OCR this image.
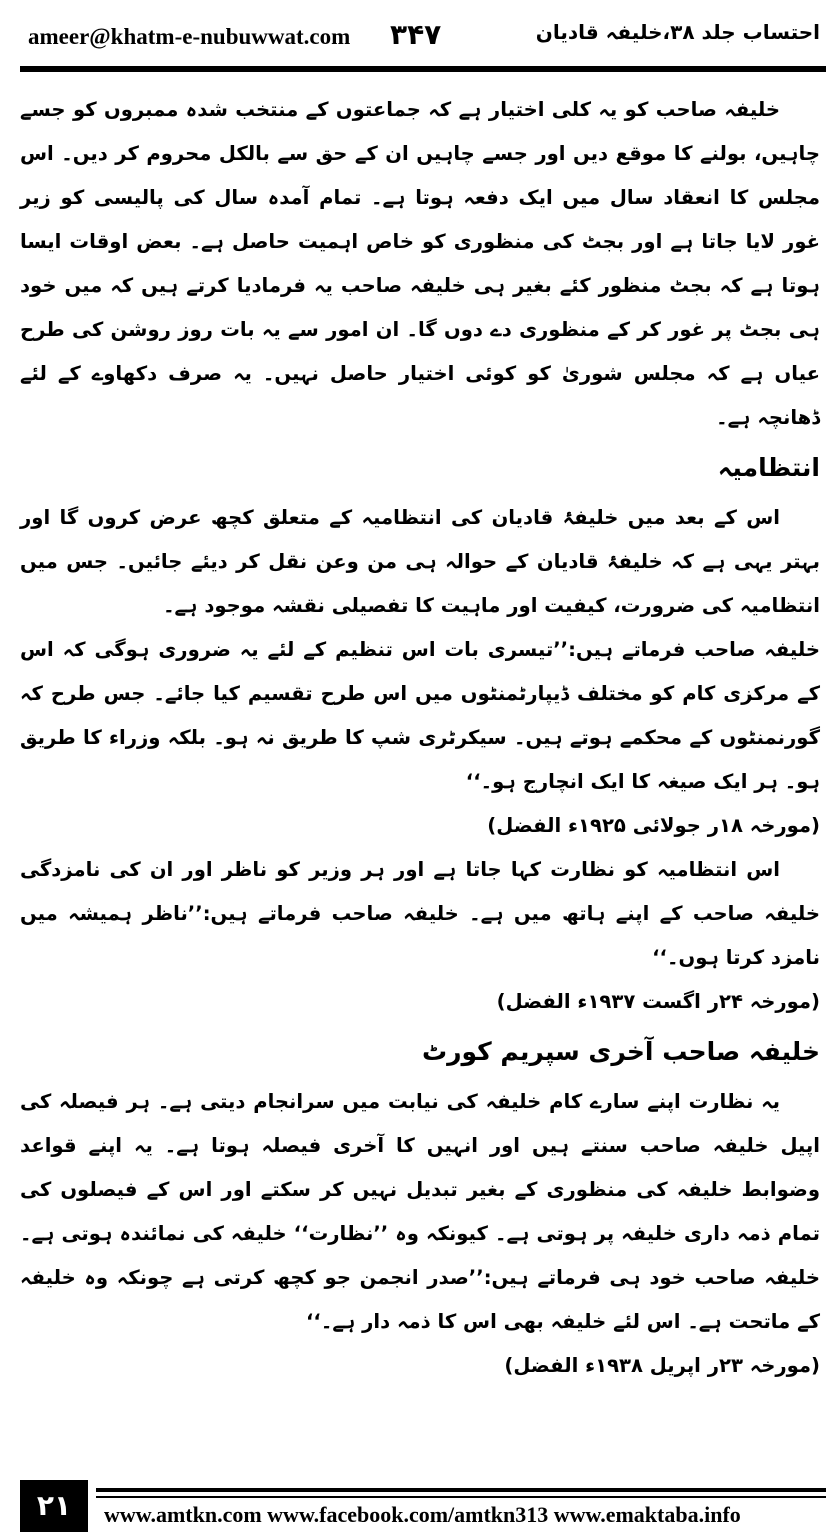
ameer@khatm-e-nubuwwat.com ۳۴۷	احتساب جلد ۳۸،خلیفہ قادیان

خلیفہ صاحب کو یہ کلی اختیار ہے کہ جماعتوں کے منتخب شدہ ممبروں کو جسے چاہیں، بولنے کا موقع دیں اور جسے چاہیں ان کے حق سے بالکل محروم کر دیں۔ اس مجلس کا انعقاد سال میں ایک دفعہ ہوتا ہے۔ تمام آمدہ سال کی پالیسی کو زیر غور لایا جاتا ہے اور بجٹ کی منظوری کو خاص اہمیت حاصل ہے۔ بعض اوقات ایسا ہوتا ہے کہ بجٹ منظور کئے بغیر ہی خلیفہ صاحب یہ فرمادیا کرتے ہیں کہ میں خود ہی بجٹ پر غور کر کے منظوری دے دوں گا۔ ان امور سے یہ بات روز روشن کی طرح عیاں ہے کہ مجلس شوریٰ کو کوئی اختیار حاصل نہیں۔ یہ صرف دکھاوے کے لئے ڈھانچہ ہے۔

انتظامیہ

اس کے بعد میں خلیفۂ قادیان کی انتظامیہ کے متعلق کچھ عرض کروں گا اور بہتر یہی ہے کہ خلیفۂ قادیان کے حوالہ ہی من وعن نقل کر دیئے جائیں۔ جس میں انتظامیہ کی ضرورت، کیفیت اور ماہیت کا تفصیلی نقشہ موجود ہے۔

خلیفہ صاحب فرماتے ہیں:’’تیسری بات اس تنظیم کے لئے یہ ضروری ہوگی کہ اس کے مرکزی کام کو مختلف ڈیپارٹمنٹوں میں اس طرح تقسیم کیا جائے۔ جس طرح کہ گورنمنٹوں کے محکمے ہوتے ہیں۔ سیکرٹری شپ کا طریق نہ ہو۔ بلکہ وزراء کا طریق ہو۔ ہر ایک صیغہ کا ایک انچارج ہو۔‘‘

(مورخہ ۱۸ر جولائی ۱۹۲۵ء الفضل)

اس انتظامیہ کو نظارت کہا جاتا ہے اور ہر وزیر کو ناظر اور ان کی نامزدگی خلیفہ صاحب کے اپنے ہاتھ میں ہے۔ خلیفہ صاحب فرماتے ہیں:’’ناظر ہمیشہ میں نامزد کرتا ہوں۔‘‘

(مورخہ ۲۴ر اگست ۱۹۳۷ء الفضل)

خلیفہ صاحب آخری سپریم کورٹ

یہ نظارت اپنے سارے کام خلیفہ کی نیابت میں سرانجام دیتی ہے۔ ہر فیصلہ کی اپیل خلیفہ صاحب سنتے ہیں اور انہیں کا آخری فیصلہ ہوتا ہے۔ یہ اپنے قواعد وضوابط خلیفہ کی منظوری کے بغیر تبدیل نہیں کر سکتے اور اس کے فیصلوں کی تمام ذمہ داری خلیفہ پر ہوتی ہے۔ کیونکہ وہ ’’نظارت‘‘ خلیفہ کی نمائندہ ہوتی ہے۔ خلیفہ صاحب خود ہی فرماتے ہیں:’’صدر انجمن جو کچھ کرتی ہے چونکہ وہ خلیفہ کے ماتحت ہے۔ اس لئے خلیفہ بھی اس کا ذمہ دار ہے۔‘‘

(مورخہ ۲۳ر اپریل ۱۹۳۸ء الفضل)

۲۱	www.amtkn.com www.facebook.com/amtkn313 www.emaktaba.info
